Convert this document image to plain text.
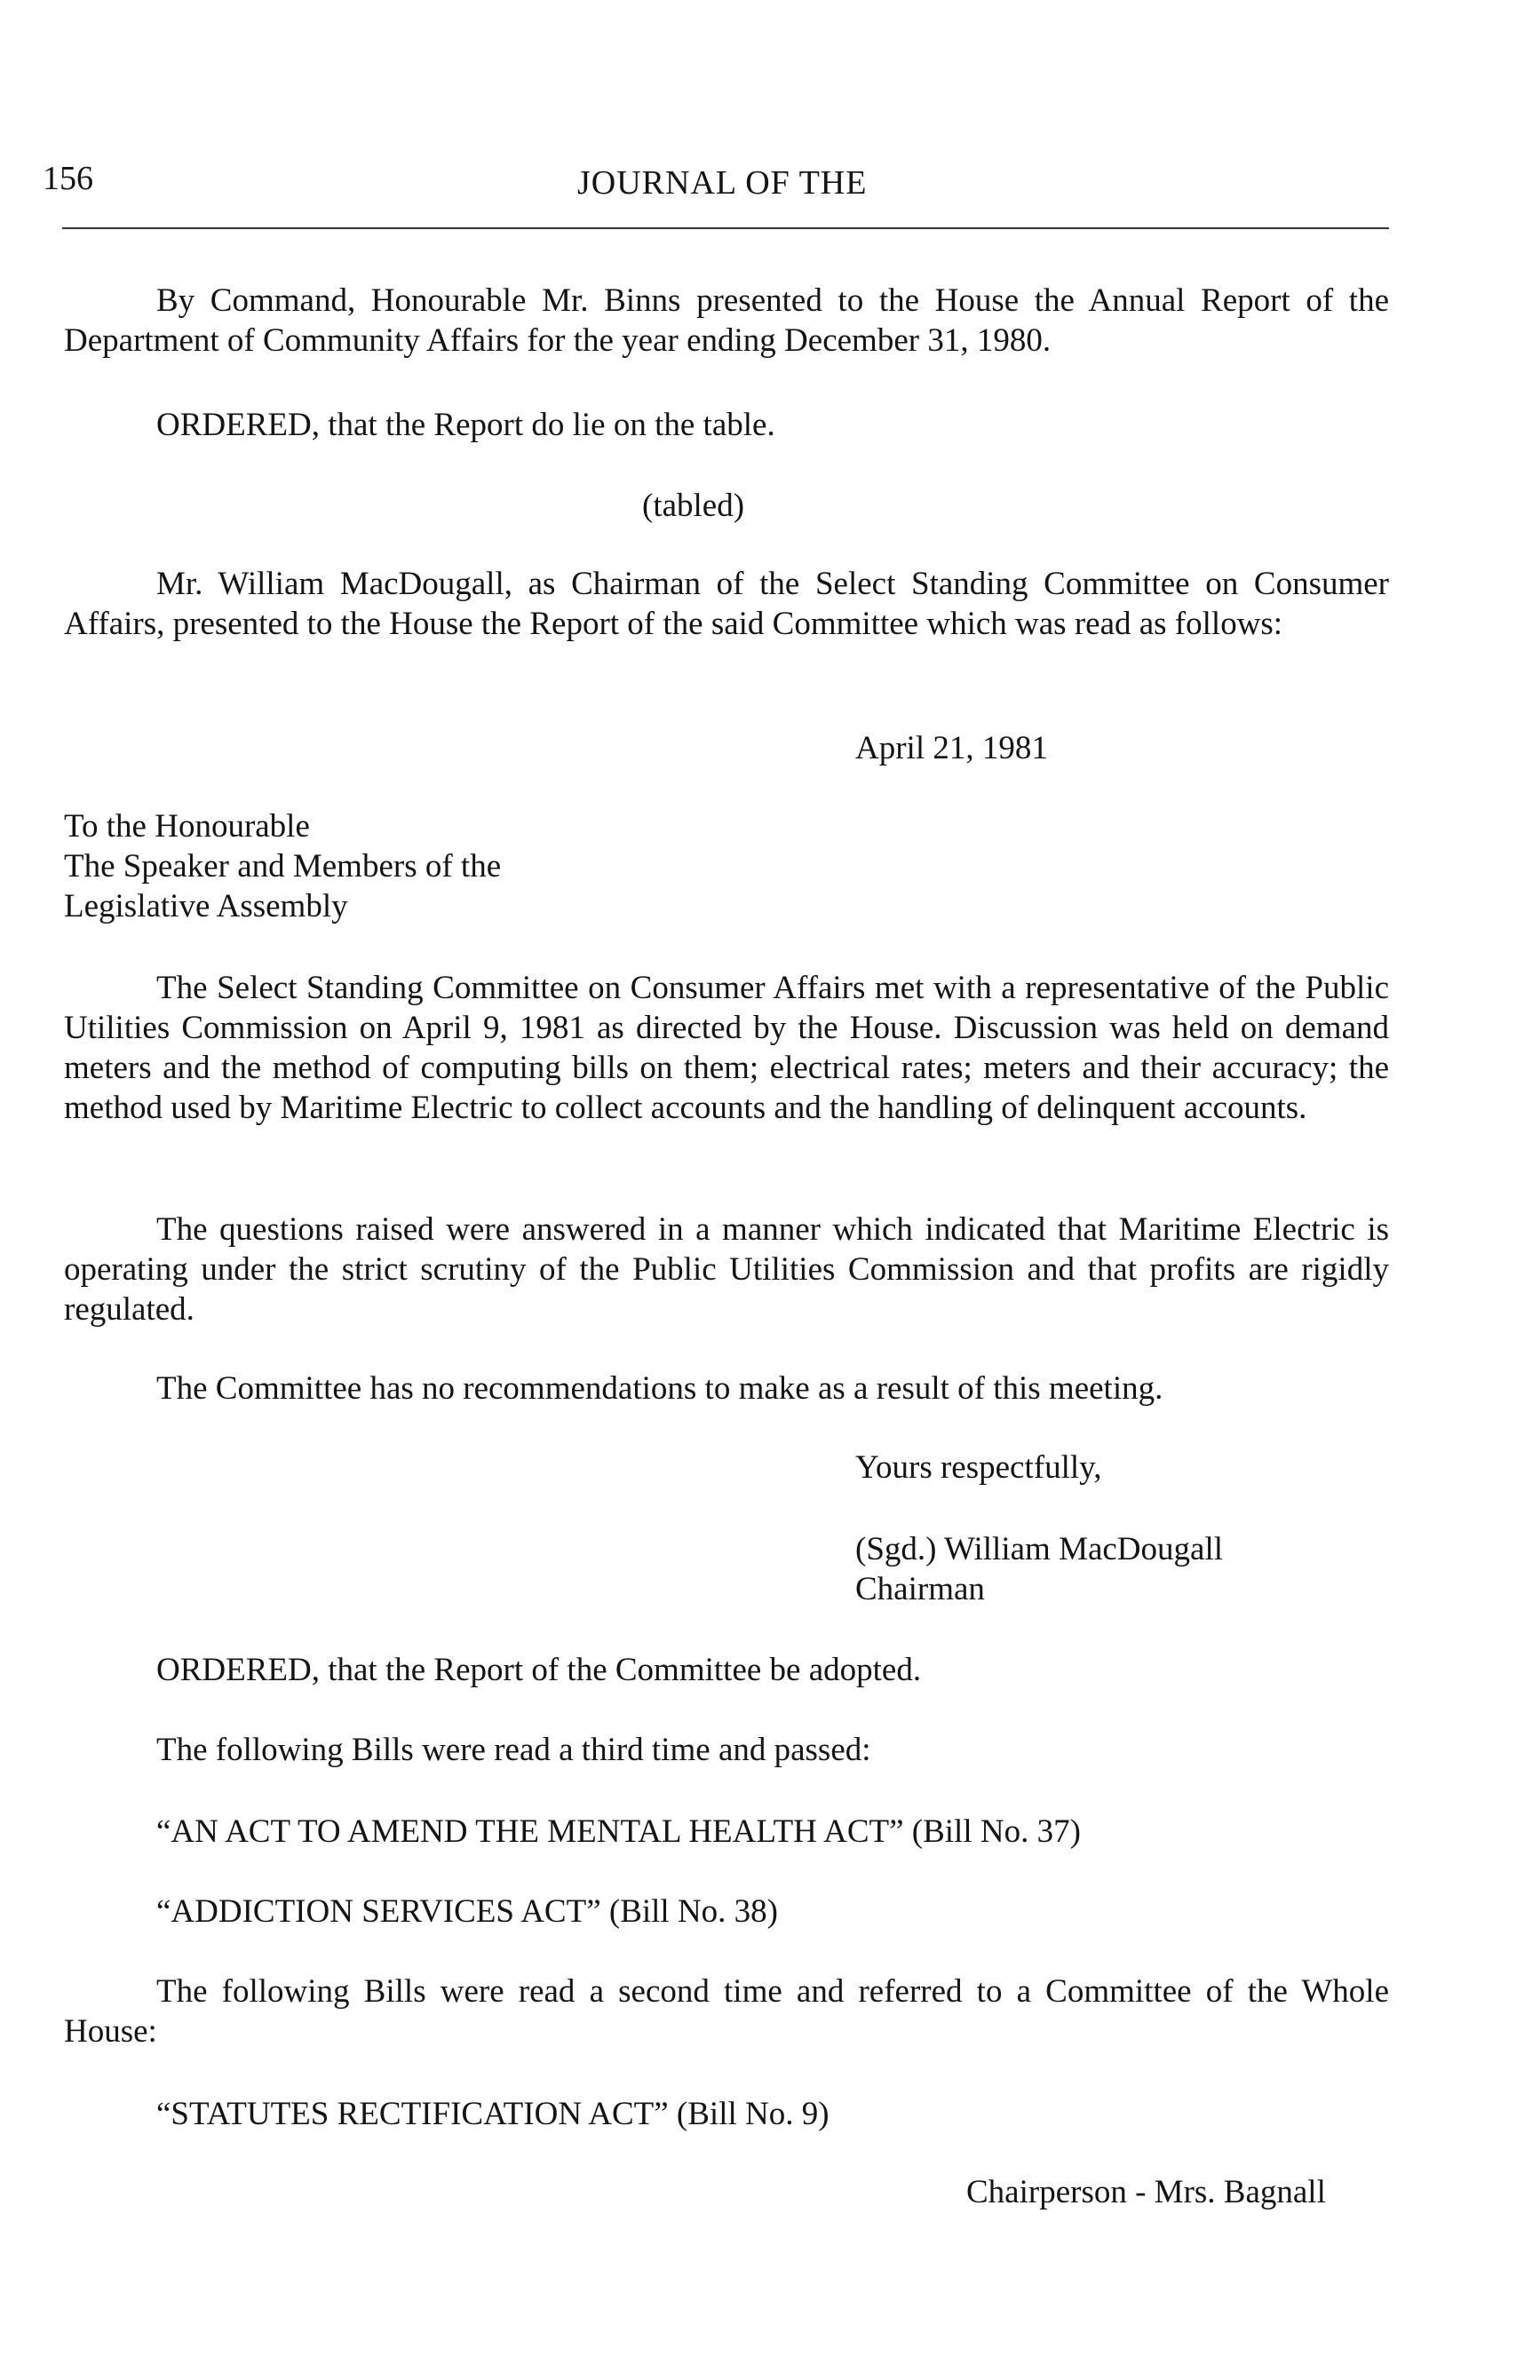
156	JOURNAL OF THE
By Command, Honourable Mr. Binns presented to the House the Annual Report of the Department of Community Affairs for the year ending December 31, 1980.
ORDERED, that the Report do lie on the table.
(tabled)
Mr. William MacDougall, as Chairman of the Select Standing Committee on Consumer Affairs, presented to the House the Report of the said Committee which was read as follows:
April 21, 1981
To the Honourable
The Speaker and Members of the
Legislative Assembly
The Select Standing Committee on Consumer Affairs met with a representative of the Public Utilities Commission on April 9, 1981 as directed by the House. Discussion was held on demand meters and the method of computing bills on them; electrical rates; meters and their accuracy; the method used by Maritime Electric to collect accounts and the handling of delinquent accounts.
The questions raised were answered in a manner which indicated that Maritime Electric is operating under the strict scrutiny of the Public Utilities Commission and that profits are rigidly regulated.
The Committee has no recommendations to make as a result of this meeting.
Yours respectfully,
(Sgd.) William MacDougall
Chairman
ORDERED, that the Report of the Committee be adopted.
The following Bills were read a third time and passed:
“AN ACT TO AMEND THE MENTAL HEALTH ACT” (Bill No. 37)
“ADDICTION SERVICES ACT” (Bill No. 38)
The following Bills were read a second time and referred to a Committee of the Whole House:
“STATUTES RECTIFICATION ACT” (Bill No. 9)
Chairperson - Mrs. Bagnall
